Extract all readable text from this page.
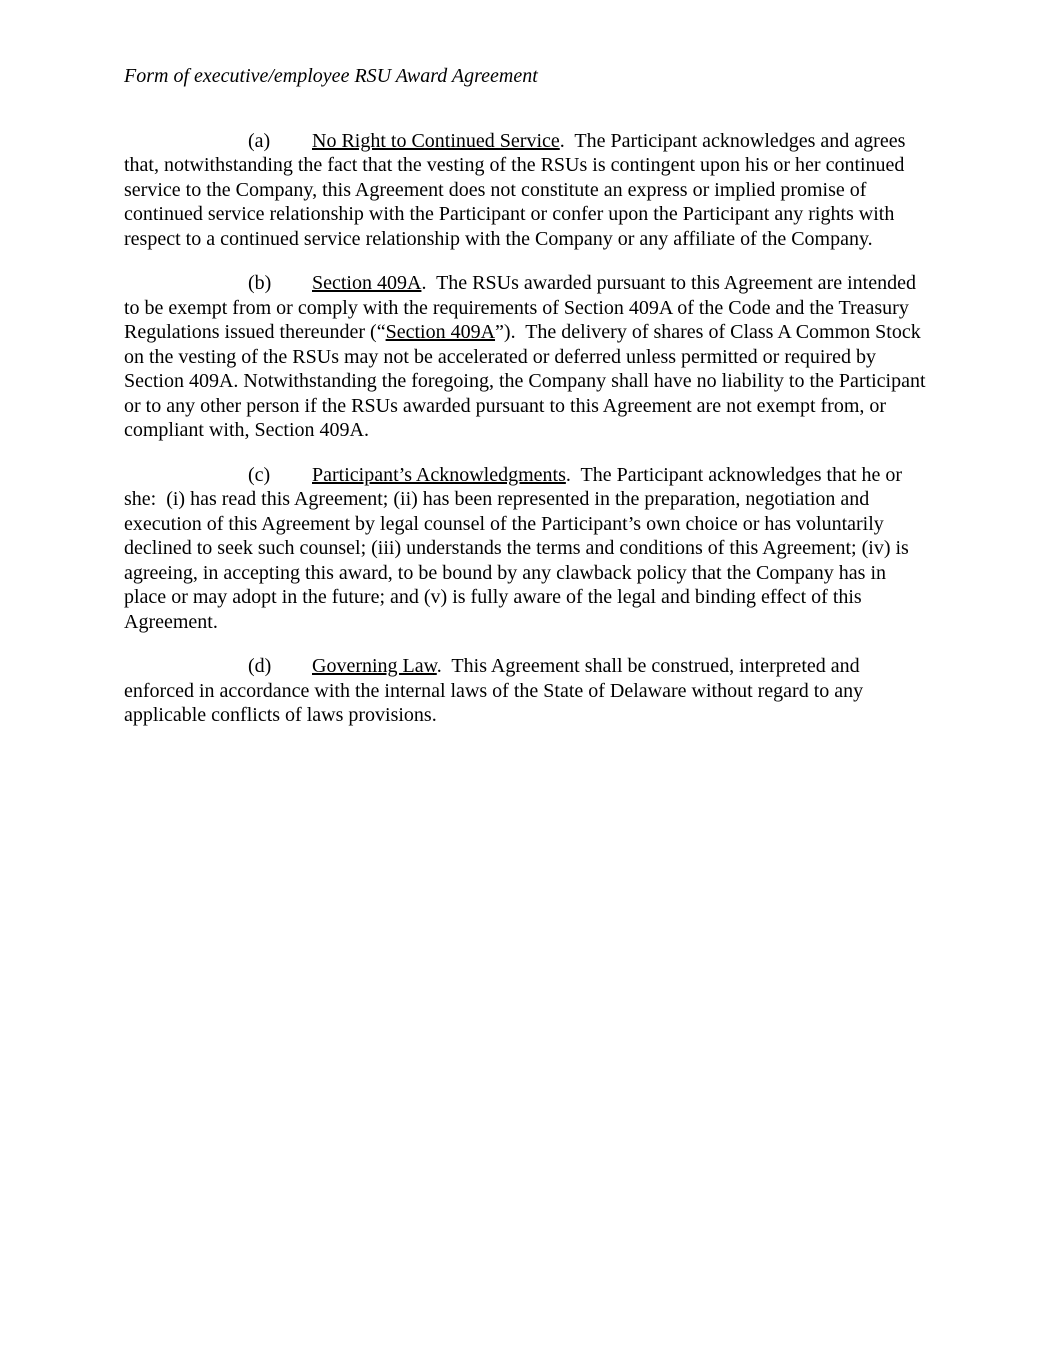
Form of executive/employee RSU Award Agreement

(a) No Right to Continued Service.  The Participant acknowledges and agrees that, notwithstanding the fact that the vesting of the RSUs is contingent upon his or her continued service to the Company, this Agreement does not constitute an express or implied promise of continued service relationship with the Participant or confer upon the Participant any rights with respect to a continued service relationship with the Company or any affiliate of the Company.

(b) Section 409A.  The RSUs awarded pursuant to this Agreement are intended to be exempt from or comply with the requirements of Section 409A of the Code and the Treasury Regulations issued thereunder (“Section 409A”).  The delivery of shares of Class A Common Stock on the vesting of the RSUs may not be accelerated or deferred unless permitted or required by Section 409A. Notwithstanding the foregoing, the Company shall have no liability to the Participant or to any other person if the RSUs awarded pursuant to this Agreement are not exempt from, or compliant with, Section 409A.

(c) Participant’s Acknowledgments.  The Participant acknowledges that he or she:  (i) has read this Agreement; (ii) has been represented in the preparation, negotiation and execution of this Agreement by legal counsel of the Participant’s own choice or has voluntarily declined to seek such counsel; (iii) understands the terms and conditions of this Agreement; (iv) is agreeing, in accepting this award, to be bound by any clawback policy that the Company has in place or may adopt in the future; and (v) is fully aware of the legal and binding effect of this Agreement.

(d) Governing Law.  This Agreement shall be construed, interpreted and enforced in accordance with the internal laws of the State of Delaware without regard to any applicable conflicts of laws provisions.
